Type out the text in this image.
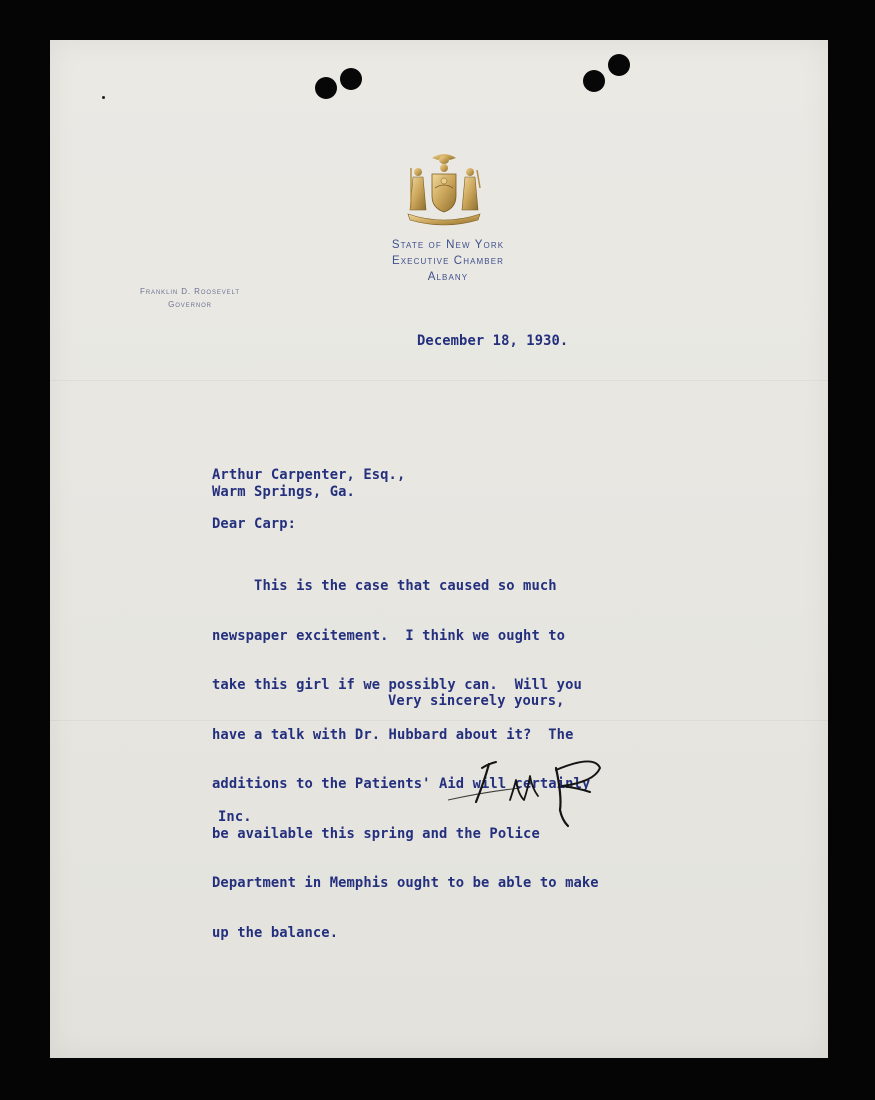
State of New York
Executive Chamber
Albany
Franklin D. Roosevelt
Governor
December 18, 1930.
Arthur Carpenter, Esq.,
Warm Springs, Ga.
Dear Carp:

This is the case that caused so much

newspaper excitement.  I think we ought to

take this girl if we possibly can.  Will you

have a talk with Dr. Hubbard about it?  The

additions to the Patients' Aid will certainly

be available this spring and the Police

Department in Memphis ought to be able to make

up the balance.

Very sincerely yours,
Inc.
